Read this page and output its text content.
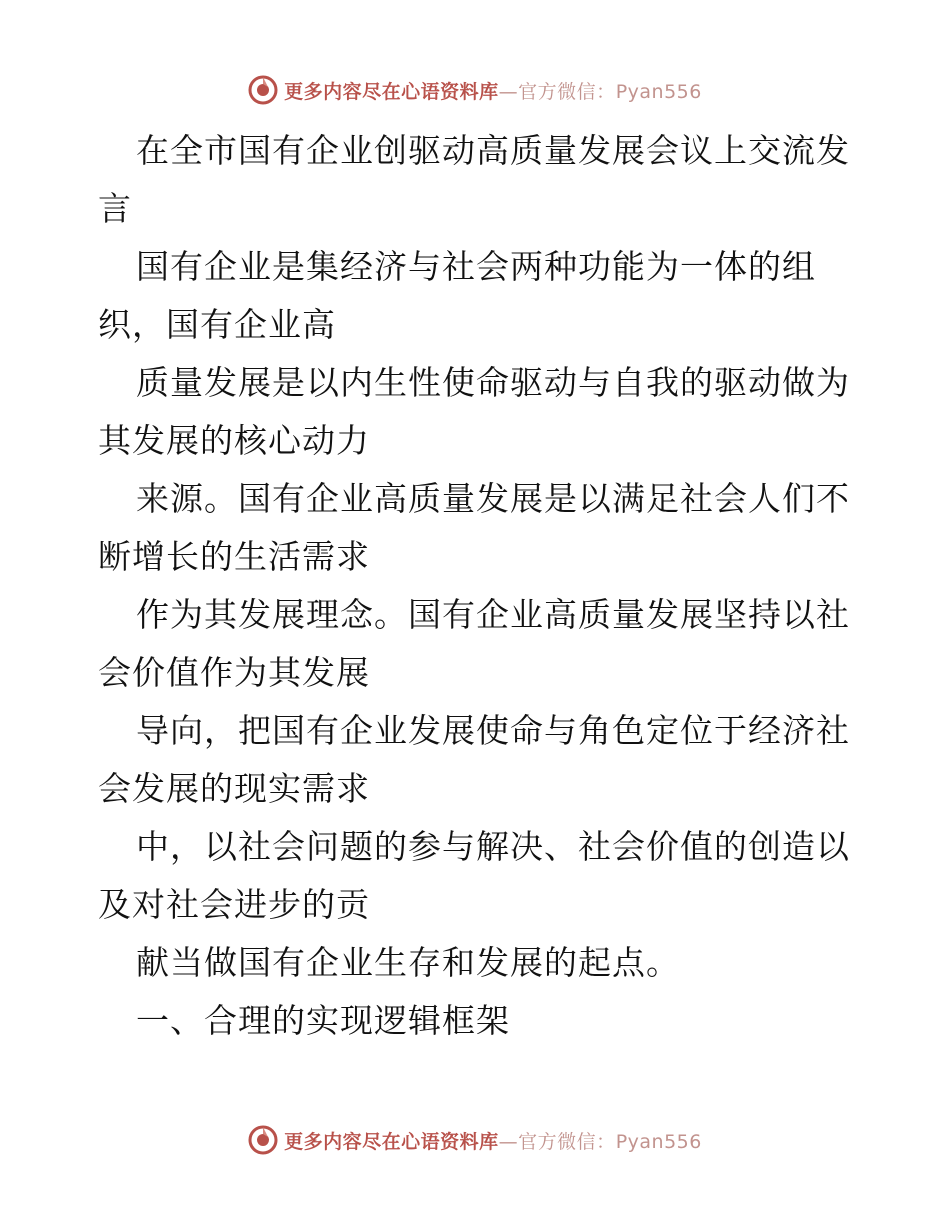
更多内容尽在心语资料库—官方微信：Pyan556

在全市国有企业创驱动高质量发展会议上交流发
言

国有企业是集经济与社会两种功能为一体的组
织，国有企业高

质量发展是以内生性使命驱动与自我的驱动做为
其发展的核心动力

来源。国有企业高质量发展是以满足社会人们不
断增长的生活需求

作为其发展理念。国有企业高质量发展坚持以社
会价值作为其发展

导向，把国有企业发展使命与角色定位于经济社
会发展的现实需求

中，以社会问题的参与解决、社会价值的创造以
及对社会进步的贡

献当做国有企业生存和发展的起点。

一、合理的实现逻辑框架

更多内容尽在心语资料库—官方微信：Pyan556
